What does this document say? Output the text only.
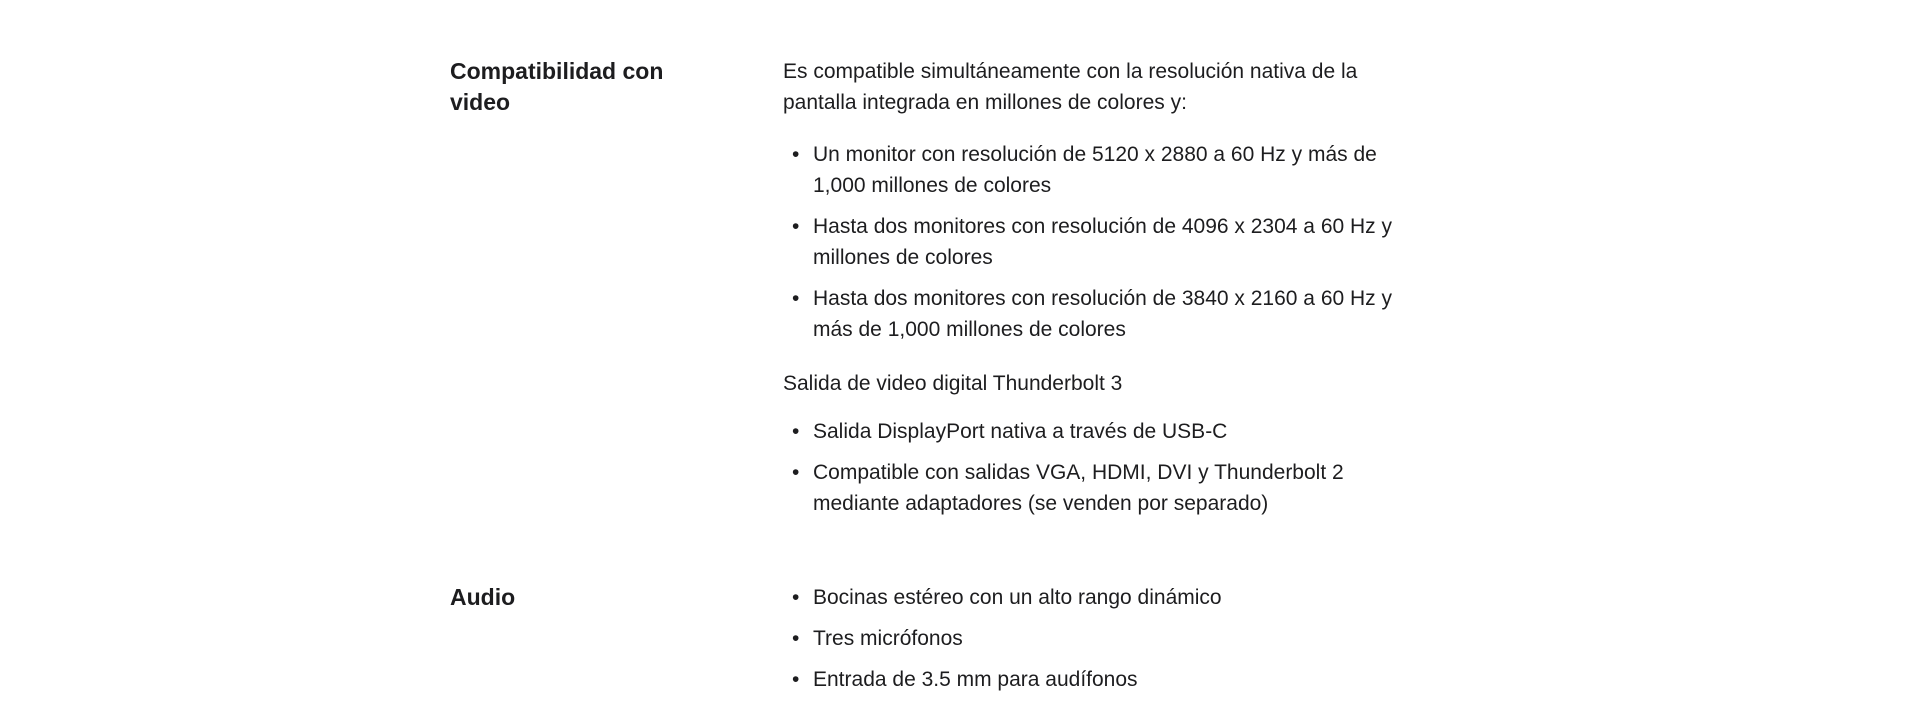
Compatibilidad con video

Es compatible simultáneamente con la resolución nativa de la pantalla integrada en millones de colores y:

• Un monitor con resolución de 5120 x 2880 a 60 Hz y más de 1,000 millones de colores
• Hasta dos monitores con resolución de 4096 x 2304 a 60 Hz y millones de colores
• Hasta dos monitores con resolución de 3840 x 2160 a 60 Hz y más de 1,000 millones de colores

Salida de video digital Thunderbolt 3

• Salida DisplayPort nativa a través de USB-C
• Compatible con salidas VGA, HDMI, DVI y Thunderbolt 2 mediante adaptadores (se venden por separado)
Audio	• Bocinas estéreo con un alto rango dinámico
• Tres micrófonos
• Entrada de 3.5 mm para audífonos
